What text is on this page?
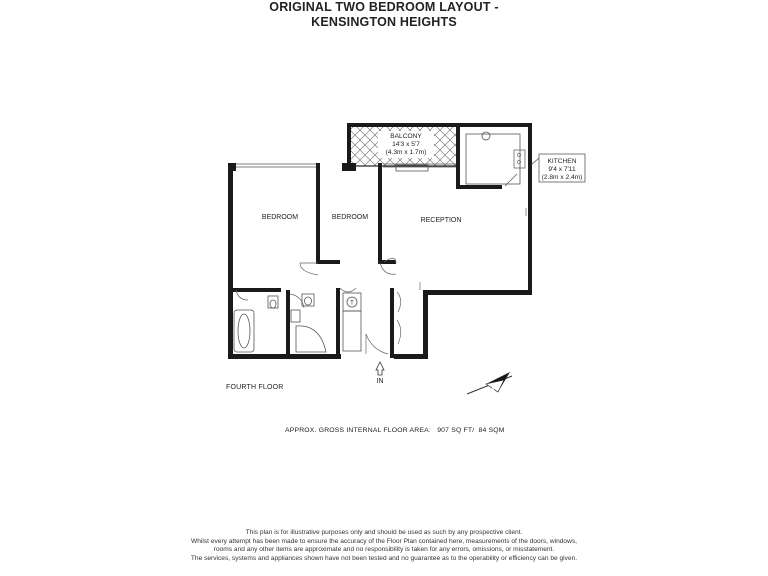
ORIGINAL TWO BEDROOM LAYOUT -
KENSINGTON HEIGHTS
BALCONY
14'3 x 5'7
(4.3m x 1.7m)
KITCHEN
9'4 x 7'11
(2.8m x 2.4m)
T
BEDROOM	BEDROOM	RECEPTION
IN	N
FOURTH FLOOR
APPROX. GROSS INTERNAL FLOOR AREA: 907 SQ FT/ 84 SQM
This plan is for illustrative purposes only and should be used as such by any prospective client.
Whilst every attempt has been made to ensure the accuracy of the Floor Plan contained here, measurements of the doors, windows,
rooms and any other items are approximate and no responsibility is taken for any errors, omissions, or misstatement.
The services, systems and appliances shown have not been tested and no guarantee as to the operability or efficiency can be given.
